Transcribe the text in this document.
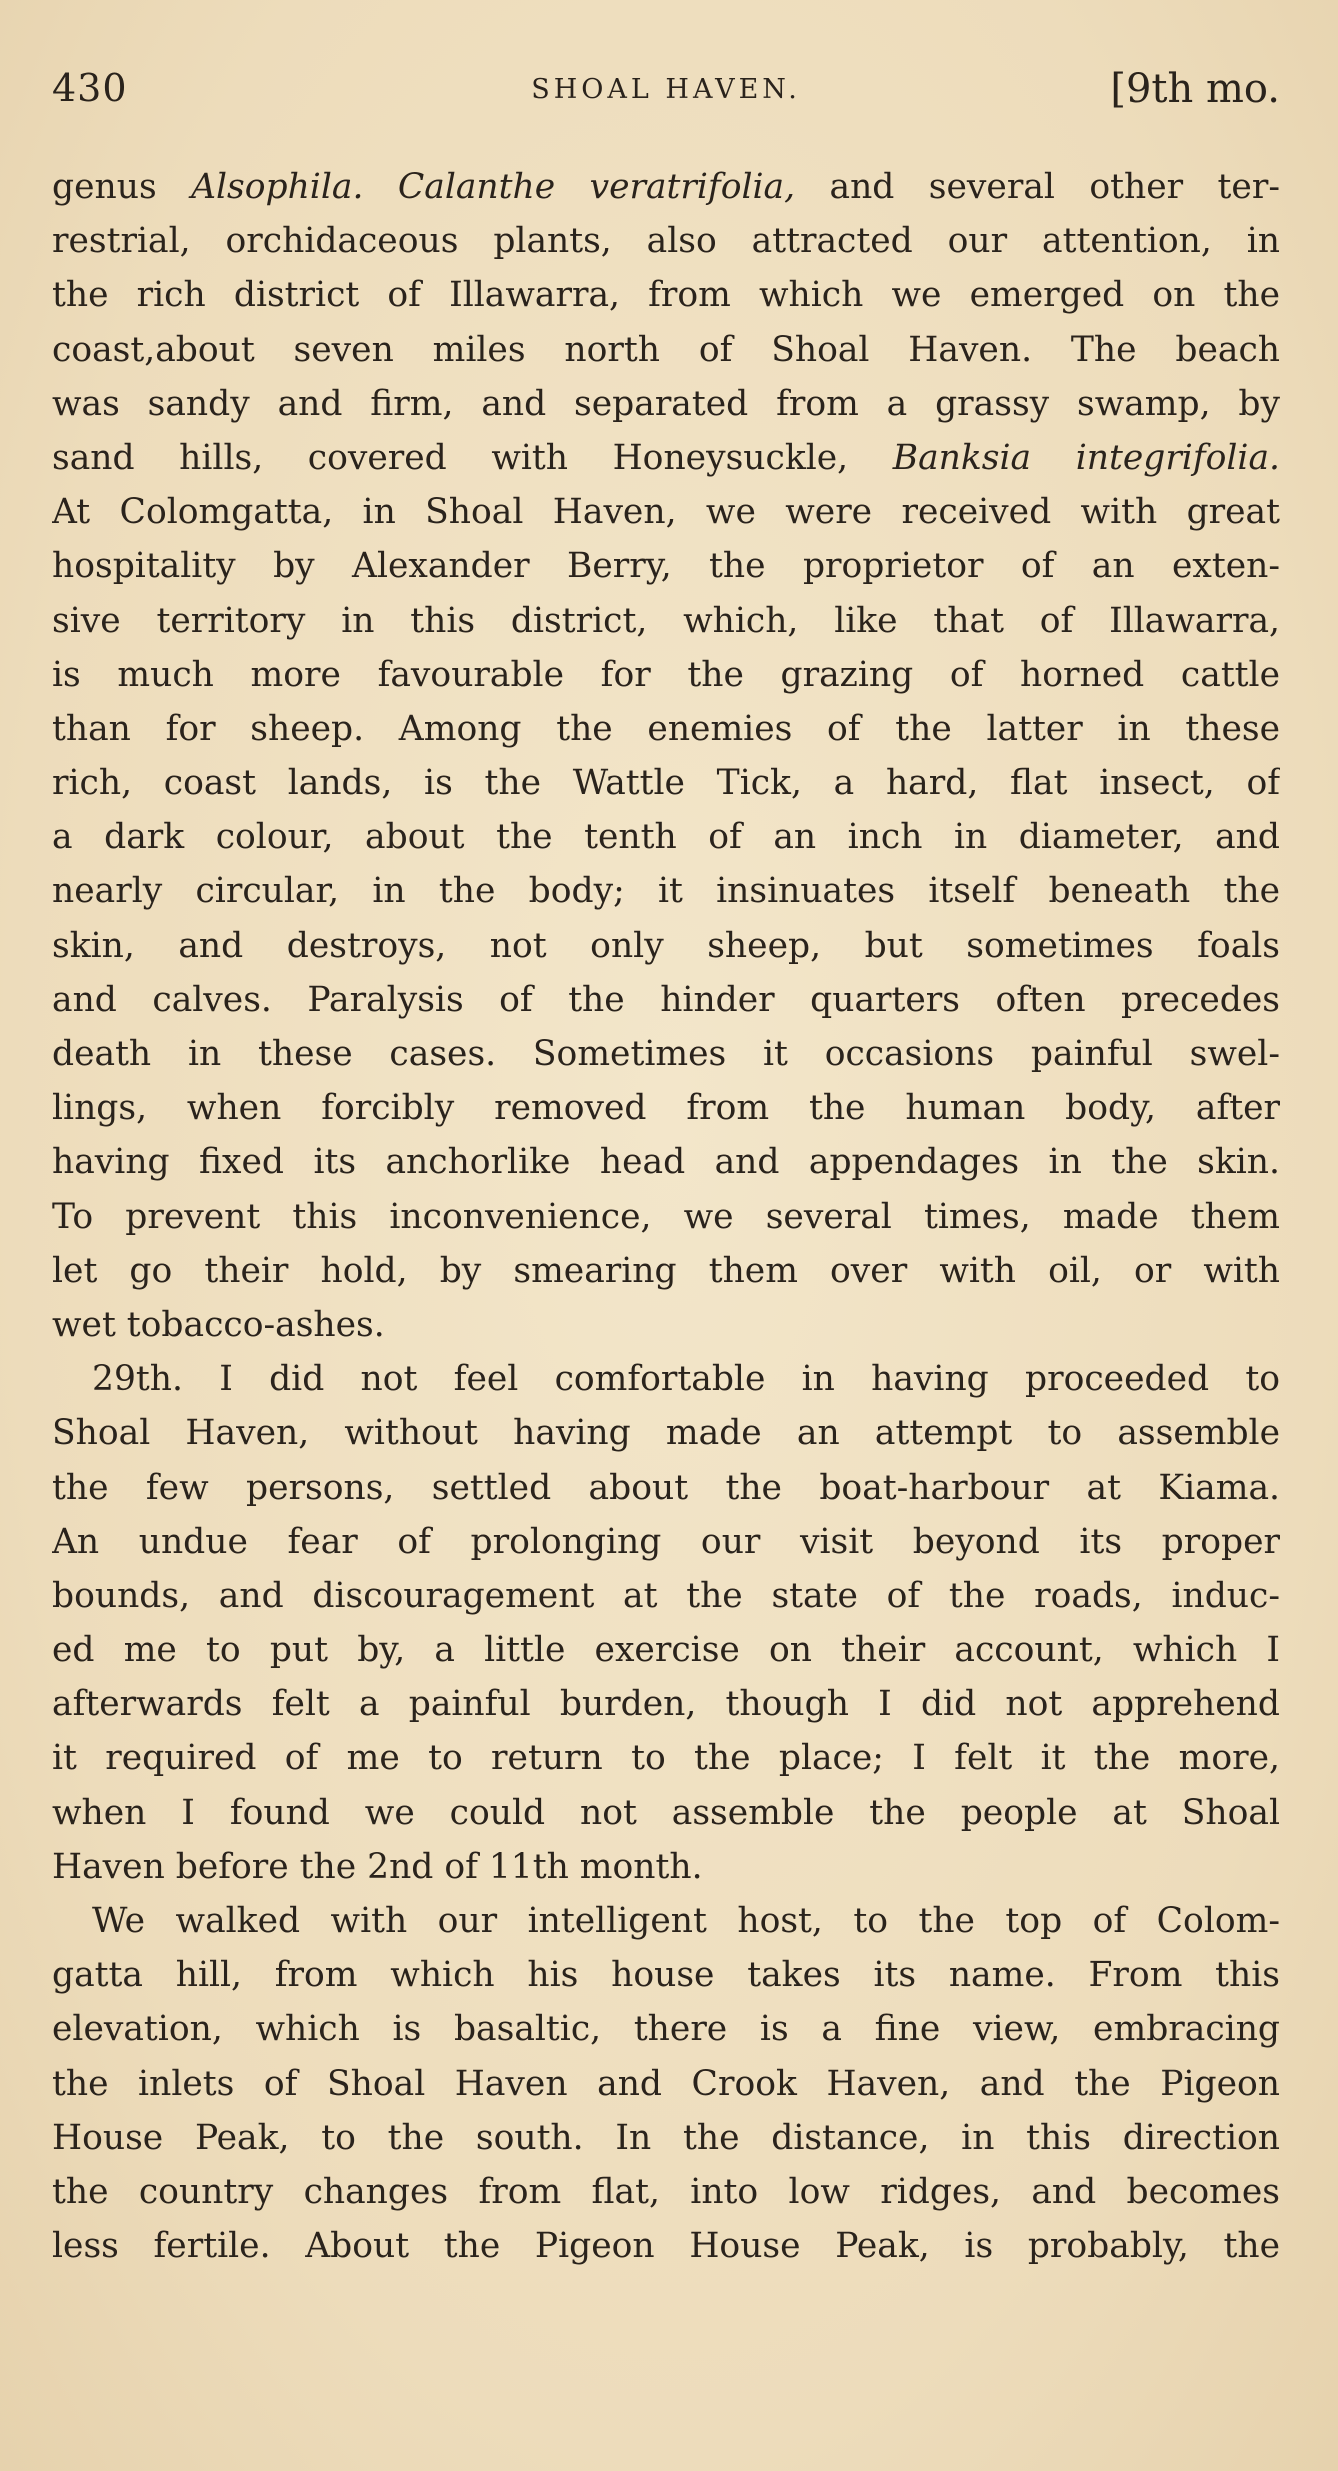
430	SHOAL HAVEN.	[9th mo.
genus Alsophila. Calanthe veratrifolia, and several other ter-
restrial, orchidaceous plants, also attracted our attention, in
the rich district of Illawarra, from which we emerged on the
coast,about seven miles north of Shoal Haven. The beach
was sandy and firm, and separated from a grassy swamp, by
sand hills, covered with Honeysuckle, Banksia integrifolia.
At Colomgatta, in Shoal Haven, we were received with great
hospitality by Alexander Berry, the proprietor of an exten-
sive territory in this district, which, like that of Illawarra,
is much more favourable for the grazing of horned cattle
than for sheep. Among the enemies of the latter in these
rich, coast lands, is the Wattle Tick, a hard, flat insect, of
a dark colour, about the tenth of an inch in diameter, and
nearly circular, in the body; it insinuates itself beneath the
skin, and destroys, not only sheep, but sometimes foals
and calves. Paralysis of the hinder quarters often precedes
death in these cases. Sometimes it occasions painful swel-
lings, when forcibly removed from the human body, after
having fixed its anchorlike head and appendages in the skin.
To prevent this inconvenience, we several times, made them
let go their hold, by smearing them over with oil, or with
wet tobacco-ashes.
29th. I did not feel comfortable in having proceeded to
Shoal Haven, without having made an attempt to assemble
the few persons, settled about the boat-harbour at Kiama.
An undue fear of prolonging our visit beyond its proper
bounds, and discouragement at the state of the roads, induc-
ed me to put by, a little exercise on their account, which I
afterwards felt a painful burden, though I did not apprehend
it required of me to return to the place; I felt it the more,
when I found we could not assemble the people at Shoal
Haven before the 2nd of 11th month.
We walked with our intelligent host, to the top of Colom-
gatta hill, from which his house takes its name. From this
elevation, which is basaltic, there is a fine view, embracing
the inlets of Shoal Haven and Crook Haven, and the Pigeon
House Peak, to the south. In the distance, in this direction
the country changes from flat, into low ridges, and becomes
less fertile. About the Pigeon House Peak, is probably, the
